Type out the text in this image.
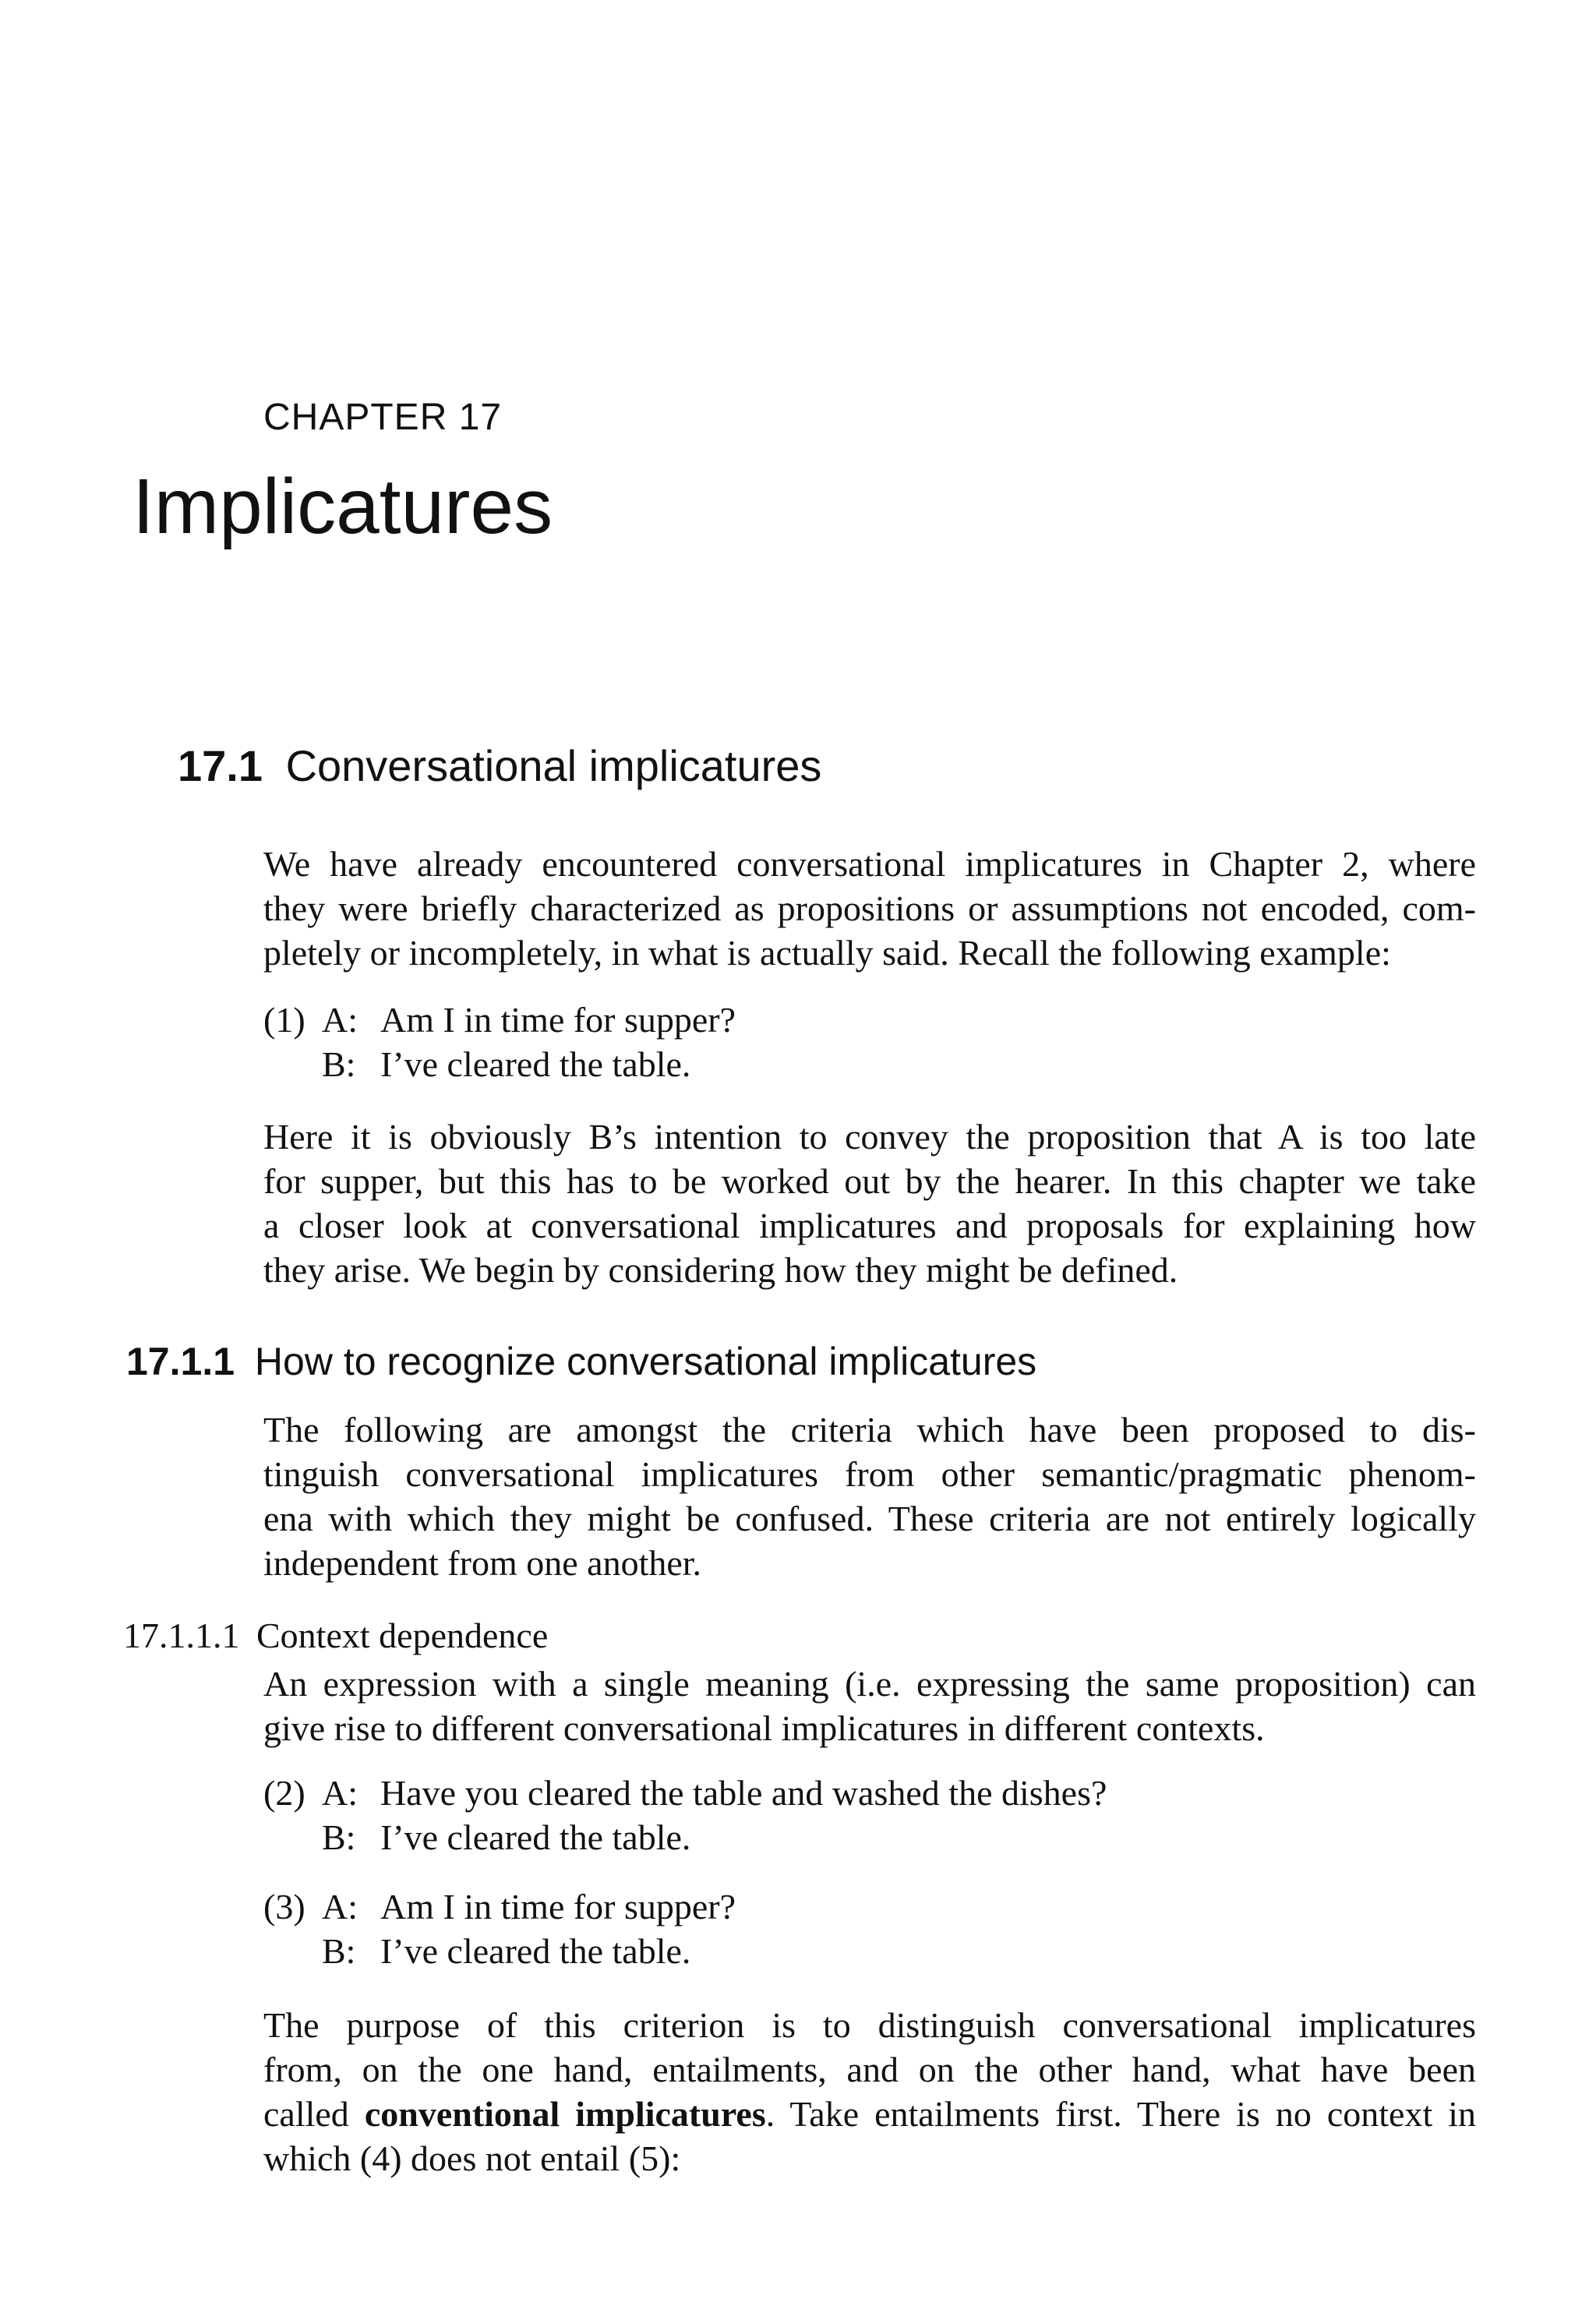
CHAPTER 17
Implicatures
17.1 Conversational implicatures
We have already encountered conversational implicatures in Chapter 2, where
they were briefly characterized as propositions or assumptions not encoded, com-
pletely or incompletely, in what is actually said. Recall the following example:
(1) A: Am I in time for supper?
B: I’ve cleared the table.
Here it is obviously B’s intention to convey the proposition that A is too late
for supper, but this has to be worked out by the hearer. In this chapter we take
a closer look at conversational implicatures and proposals for explaining how
they arise. We begin by considering how they might be defined.
17.1.1 How to recognize conversational implicatures
The following are amongst the criteria which have been proposed to dis-
tinguish conversational implicatures from other semantic/pragmatic phenom-
ena with which they might be confused. These criteria are not entirely logically
independent from one another.
17.1.1.1 Context dependence
An expression with a single meaning (i.e. expressing the same proposition) can
give rise to different conversational implicatures in different contexts.
(2) A: Have you cleared the table and washed the dishes?
B: I’ve cleared the table.
(3) A: Am I in time for supper?
B: I’ve cleared the table.
The purpose of this criterion is to distinguish conversational implicatures
from, on the one hand, entailments, and on the other hand, what have been
called conventional implicatures. Take entailments first. There is no context in
which (4) does not entail (5):
